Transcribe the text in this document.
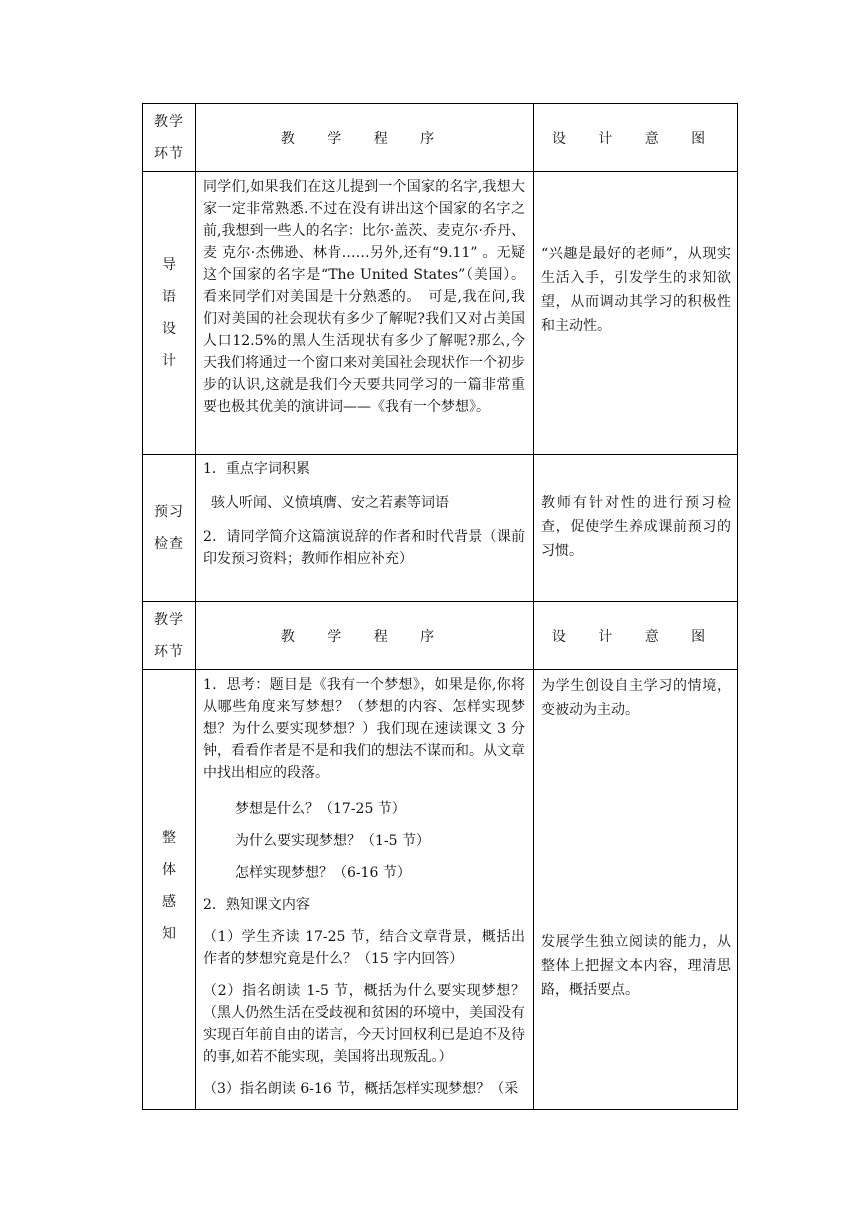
教学环节
教 学 程 序	设 计 意 图
导
语
设
计

同学们,如果我们在这儿提到一个国家的名字,我想大家一定非常熟悉.不过在没有讲出这个国家的名字之前,我想到一些人的名字：比尔·盖茨、麦克尔·乔丹、麦 克尔·杰佛逊、林肯……另外,还有“9.11” 。无疑这个国家的名字是“The United States”（美国）。看来同学们对美国是十分熟悉的。　可是,我在问,我们对美国的社会现状有多少了解呢?我们又对占美国人口12.5%的黑人生活现状有多少了解呢?那么,今天我们将通过一个窗口来对美国社会现状作一个初步步的认识,这就是我们今天要共同学习的一篇非常重要也极其优美的演讲词——《我有一个梦想》。

“兴趣是最好的老师”，从现实生活入手，引发学生的求知欲望，从而调动其学习的积极性和主动性。

预习检查

1．重点字词积累

骇人听闻、义愤填膺、安之若素等词语

2．请同学简介这篇演说辞的作者和时代背景（课前印发预习资料；教师作相应补充）

教师有针对性的进行预习检查，促使学生养成课前预习的习惯。

教学环节
教 学 程 序	设 计 意 图
整
体
感
知

1．思考：题目是《我有一个梦想》，如果是你,你将从哪些角度来写梦想？（梦想的内容、怎样实现梦想？为什么要实现梦想？）我们现在速读课文 3 分钟，看看作者是不是和我们的想法不谋而和。从文章中找出相应的段落。

梦想是什么？（17-25 节）

为什么要实现梦想？（1-5 节）

怎样实现梦想？（6-16 节）

2．熟知课文内容

（1）学生齐读 17-25 节，结合文章背景，概括出作者的梦想究竟是什么？（15 字内回答）

（2）指名朗读 1-5 节，概括为什么要实现梦想？（黑人仍然生活在受歧视和贫困的环境中，美国没有实现百年前自由的诺言，今天讨回权利已是迫不及待的事,如若不能实现，美国将出现叛乱。）

（3）指名朗读 6-16 节，概括怎样实现梦想？（采

为学生创设自主学习的情境，变被动为主动。

发展学生独立阅读的能力，从整体上把握文本内容，理清思路，概括要点。
